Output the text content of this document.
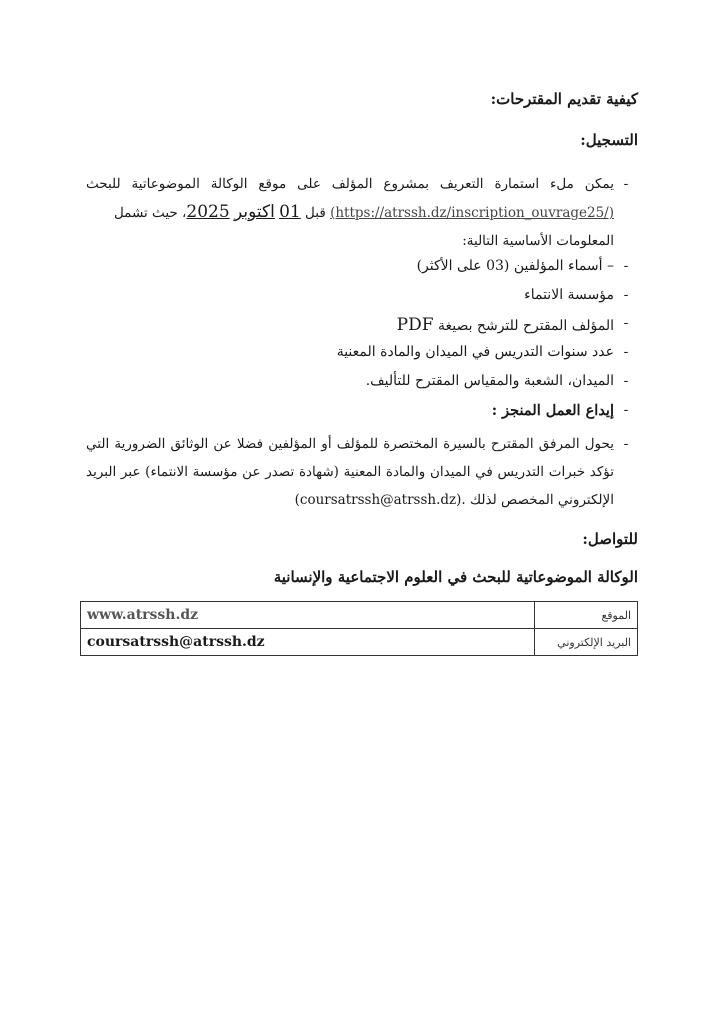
كيفية تقديم المقترحات:
التسجيل:
-
يمكن ملء استمارة التعريف بمشروع المؤلف على موقع الوكالة الموضوعاتية للبحث
(https://atrssh.dz/inscription_ouvrage25/) قبل 01 اكتوبر 2025، حيث تشمل
المعلومات الأساسية التالية:
-
– أسماء المؤلفين (03 على الأكثر)
-
مؤسسة الانتماء
-
المؤلف المقترح للترشح بصيغة PDF
-
عدد سنوات التدريس في الميدان والمادة المعنية
-
الميدان، الشعبة والمقياس المقترح للتأليف.
-
إيداع العمل المنجز :
-
يحول المرفق المقترح بالسيرة المختصرة للمؤلف أو المؤلفين فضلا عن الوثائق الضرورية التي تؤكد خبرات التدريس في الميدان والمادة المعنية (شهادة تصدر عن مؤسسة الانتماء) عبر البريد الإلكتروني المخصص لذلك (coursatrssh@atrssh.dz).
للتواصل:
الوكالة الموضوعاتية للبحث في العلوم الاجتماعية والإنسانية
www.atrssh.dz	الموقع
coursatrssh@atrssh.dz	البريد الإلكتروني
